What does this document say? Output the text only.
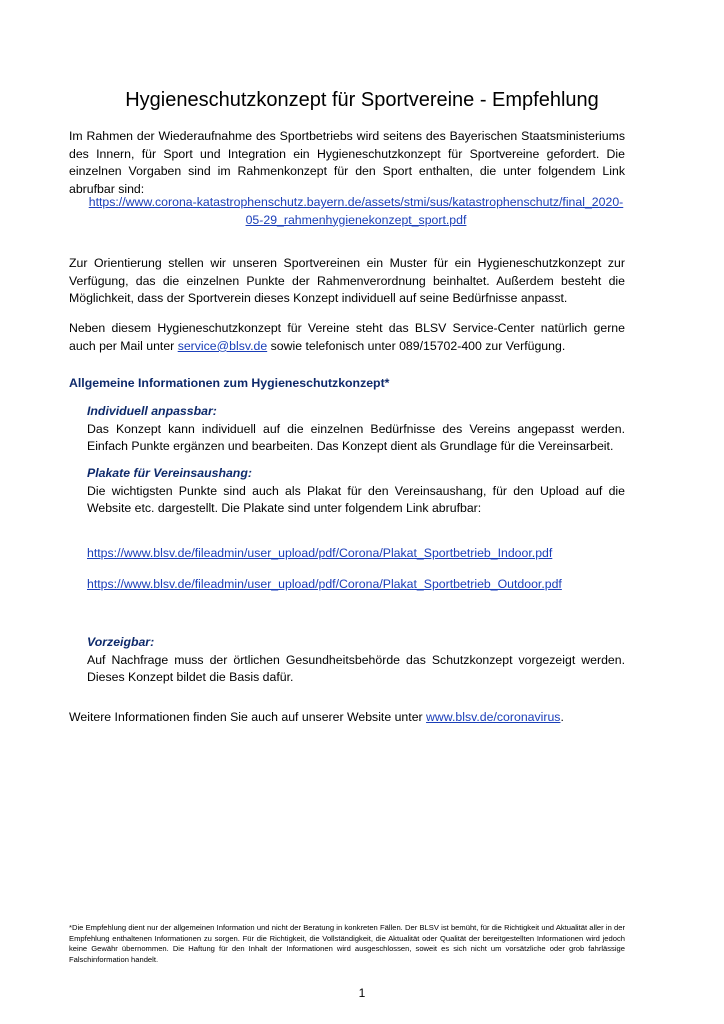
Hygieneschutzkonzept für Sportvereine - Empfehlung

Im Rahmen der Wiederaufnahme des Sportbetriebs wird seitens des Bayerischen Staatsministeriums des Innern, für Sport und Integration ein Hygieneschutzkonzept für Sportvereine gefordert. Die einzelnen Vorgaben sind im Rahmenkonzept für den Sport enthalten, die unter folgendem Link abrufbar sind:

https://www.corona-katastrophenschutz.bayern.de/assets/stmi/sus/katastrophenschutz/final_2020-05-29_rahmenhygienekonzept_sport.pdf

Zur Orientierung stellen wir unseren Sportvereinen ein Muster für ein Hygieneschutzkonzept zur Verfügung, das die einzelnen Punkte der Rahmenverordnung beinhaltet. Außerdem besteht die Möglichkeit, dass der Sportverein dieses Konzept individuell auf seine Bedürfnisse anpasst.

Neben diesem Hygieneschutzkonzept für Vereine steht das BLSV Service-Center natürlich gerne auch per Mail unter service@blsv.de sowie telefonisch unter 089/15702-400 zur Verfügung.

Allgemeine Informationen zum Hygieneschutzkonzept*

Individuell anpassbar:

Das Konzept kann individuell auf die einzelnen Bedürfnisse des Vereins angepasst werden. Einfach Punkte ergänzen und bearbeiten. Das Konzept dient als Grundlage für die Vereinsarbeit.

Plakate für Vereinsaushang:

Die wichtigsten Punkte sind auch als Plakat für den Vereinsaushang, für den Upload auf die Website etc. dargestellt. Die Plakate sind unter folgendem Link abrufbar:

https://www.blsv.de/fileadmin/user_upload/pdf/Corona/Plakat_Sportbetrieb_Indoor.pdf

https://www.blsv.de/fileadmin/user_upload/pdf/Corona/Plakat_Sportbetrieb_Outdoor.pdf

Vorzeigbar:

Auf Nachfrage muss der örtlichen Gesundheitsbehörde das Schutzkonzept vorgezeigt werden. Dieses Konzept bildet die Basis dafür.

Weitere Informationen finden Sie auch auf unserer Website unter www.blsv.de/coronavirus.

*Die Empfehlung dient nur der allgemeinen Information und nicht der Beratung in konkreten Fällen. Der BLSV ist bemüht, für die Richtigkeit und Aktualität aller in der Empfehlung enthaltenen Informationen zu sorgen. Für die Richtigkeit, die Vollständigkeit, die Aktualität oder Qualität der bereitgestellten Informationen wird jedoch keine Gewähr übernommen. Die Haftung für den Inhalt der Informationen wird ausgeschlossen, soweit es sich nicht um vorsätzliche oder grob fahrlässige Falschinformation handelt.

1
